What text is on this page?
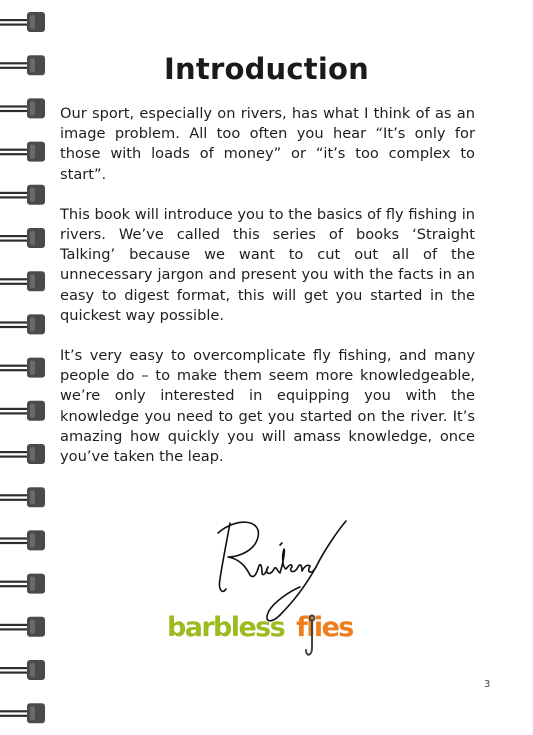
Introduction

Our sport, especially on rivers, has what I think of as an image problem. All too often you hear “It’s only for those with loads of money” or “it’s too complex to start”.

This book will introduce you to the basics of fly fishing in rivers. We’ve called this series of books ‘Straight Talking’ because we want to cut out all of the unnecessary jargon and present you with the facts in an easy to digest format, this will get you started in the quickest way possible.

It’s very easy to overcomplicate fly fishing, and many people do – to make them seem more knowledgeable, we’re only interested in equipping you with the knowledge you need to get you started on the river. It’s amazing how quickly you will amass knowledge, once you’ve taken the leap.

barbless flies
3
